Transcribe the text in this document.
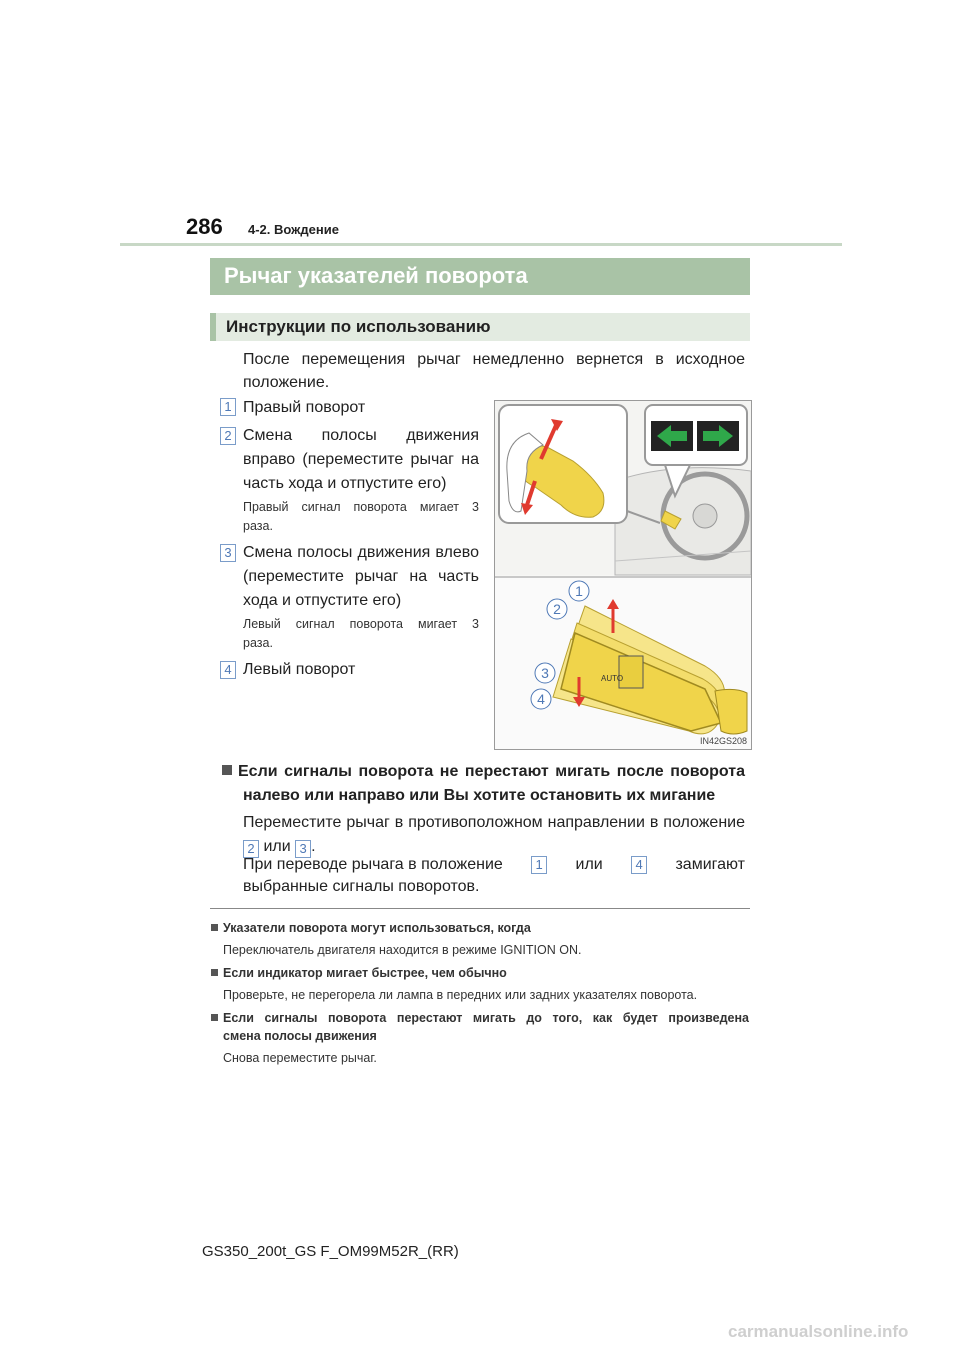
286 4-2. Вождение
Рычаг указателей поворота
Инструкции по использованию
После перемещения рычаг немедленно вернется в исходное положение.
1 Правый поворот
2 Смена полосы движения
вправо (переместите рычаг на
часть хода и отпустите его)
Правый сигнал поворота мигает 3
раза.
3 Смена полосы движения влево
(переместите рычаг на часть
хода и отпустите его)
Левый сигнал поворота мигает 3
раза.
4 Левый поворот
AUTO
1
2
3
4
IN42GS208
Если сигналы поворота не перестают мигать после поворота
налево или направо или Вы хотите остановить их мигание
Переместите рычаг в противоположном направлении в положение
2 или 3 .
При переводе рычага в положение	1 или	4 замигают
выбранные сигналы поворотов.
Указатели поворота могут использоваться, когда
Переключатель двигателя находится в режиме IGNITION ON.
Если индикатор мигает быстрее, чем обычно
Проверьте, не перегорела ли лампа в передних или задних указателях поворота.
Если сигналы поворота перестают мигать до того, как будет произведена
смена полосы движения
Снова переместите рычаг.
GS350_200t_GS F_OM99M52R_(RR)
carmanualsonline.info
